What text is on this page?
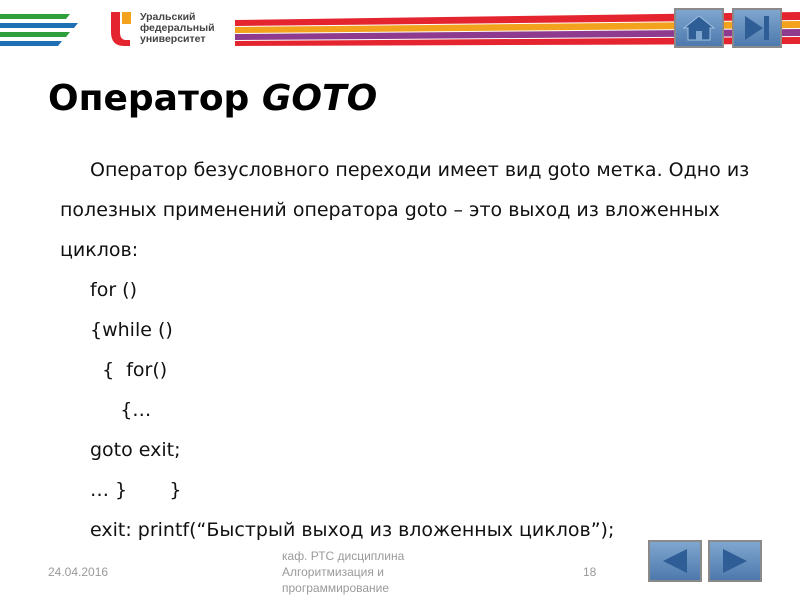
Уральский
федеральный
университет
Оператор GOTO

Оператор безусловного переходи имеет вид goto метка. Одно из полезных применений оператора goto – это выход из вложенных циклов:

for ()

{while ()

{  for()

{…

goto exit;

… }       }

exit: printf(“Быстрый выход из вложенных циклов”);

24.04.2016
каф. РТС дисциплина
Алгоритмизация и
программирование
18
